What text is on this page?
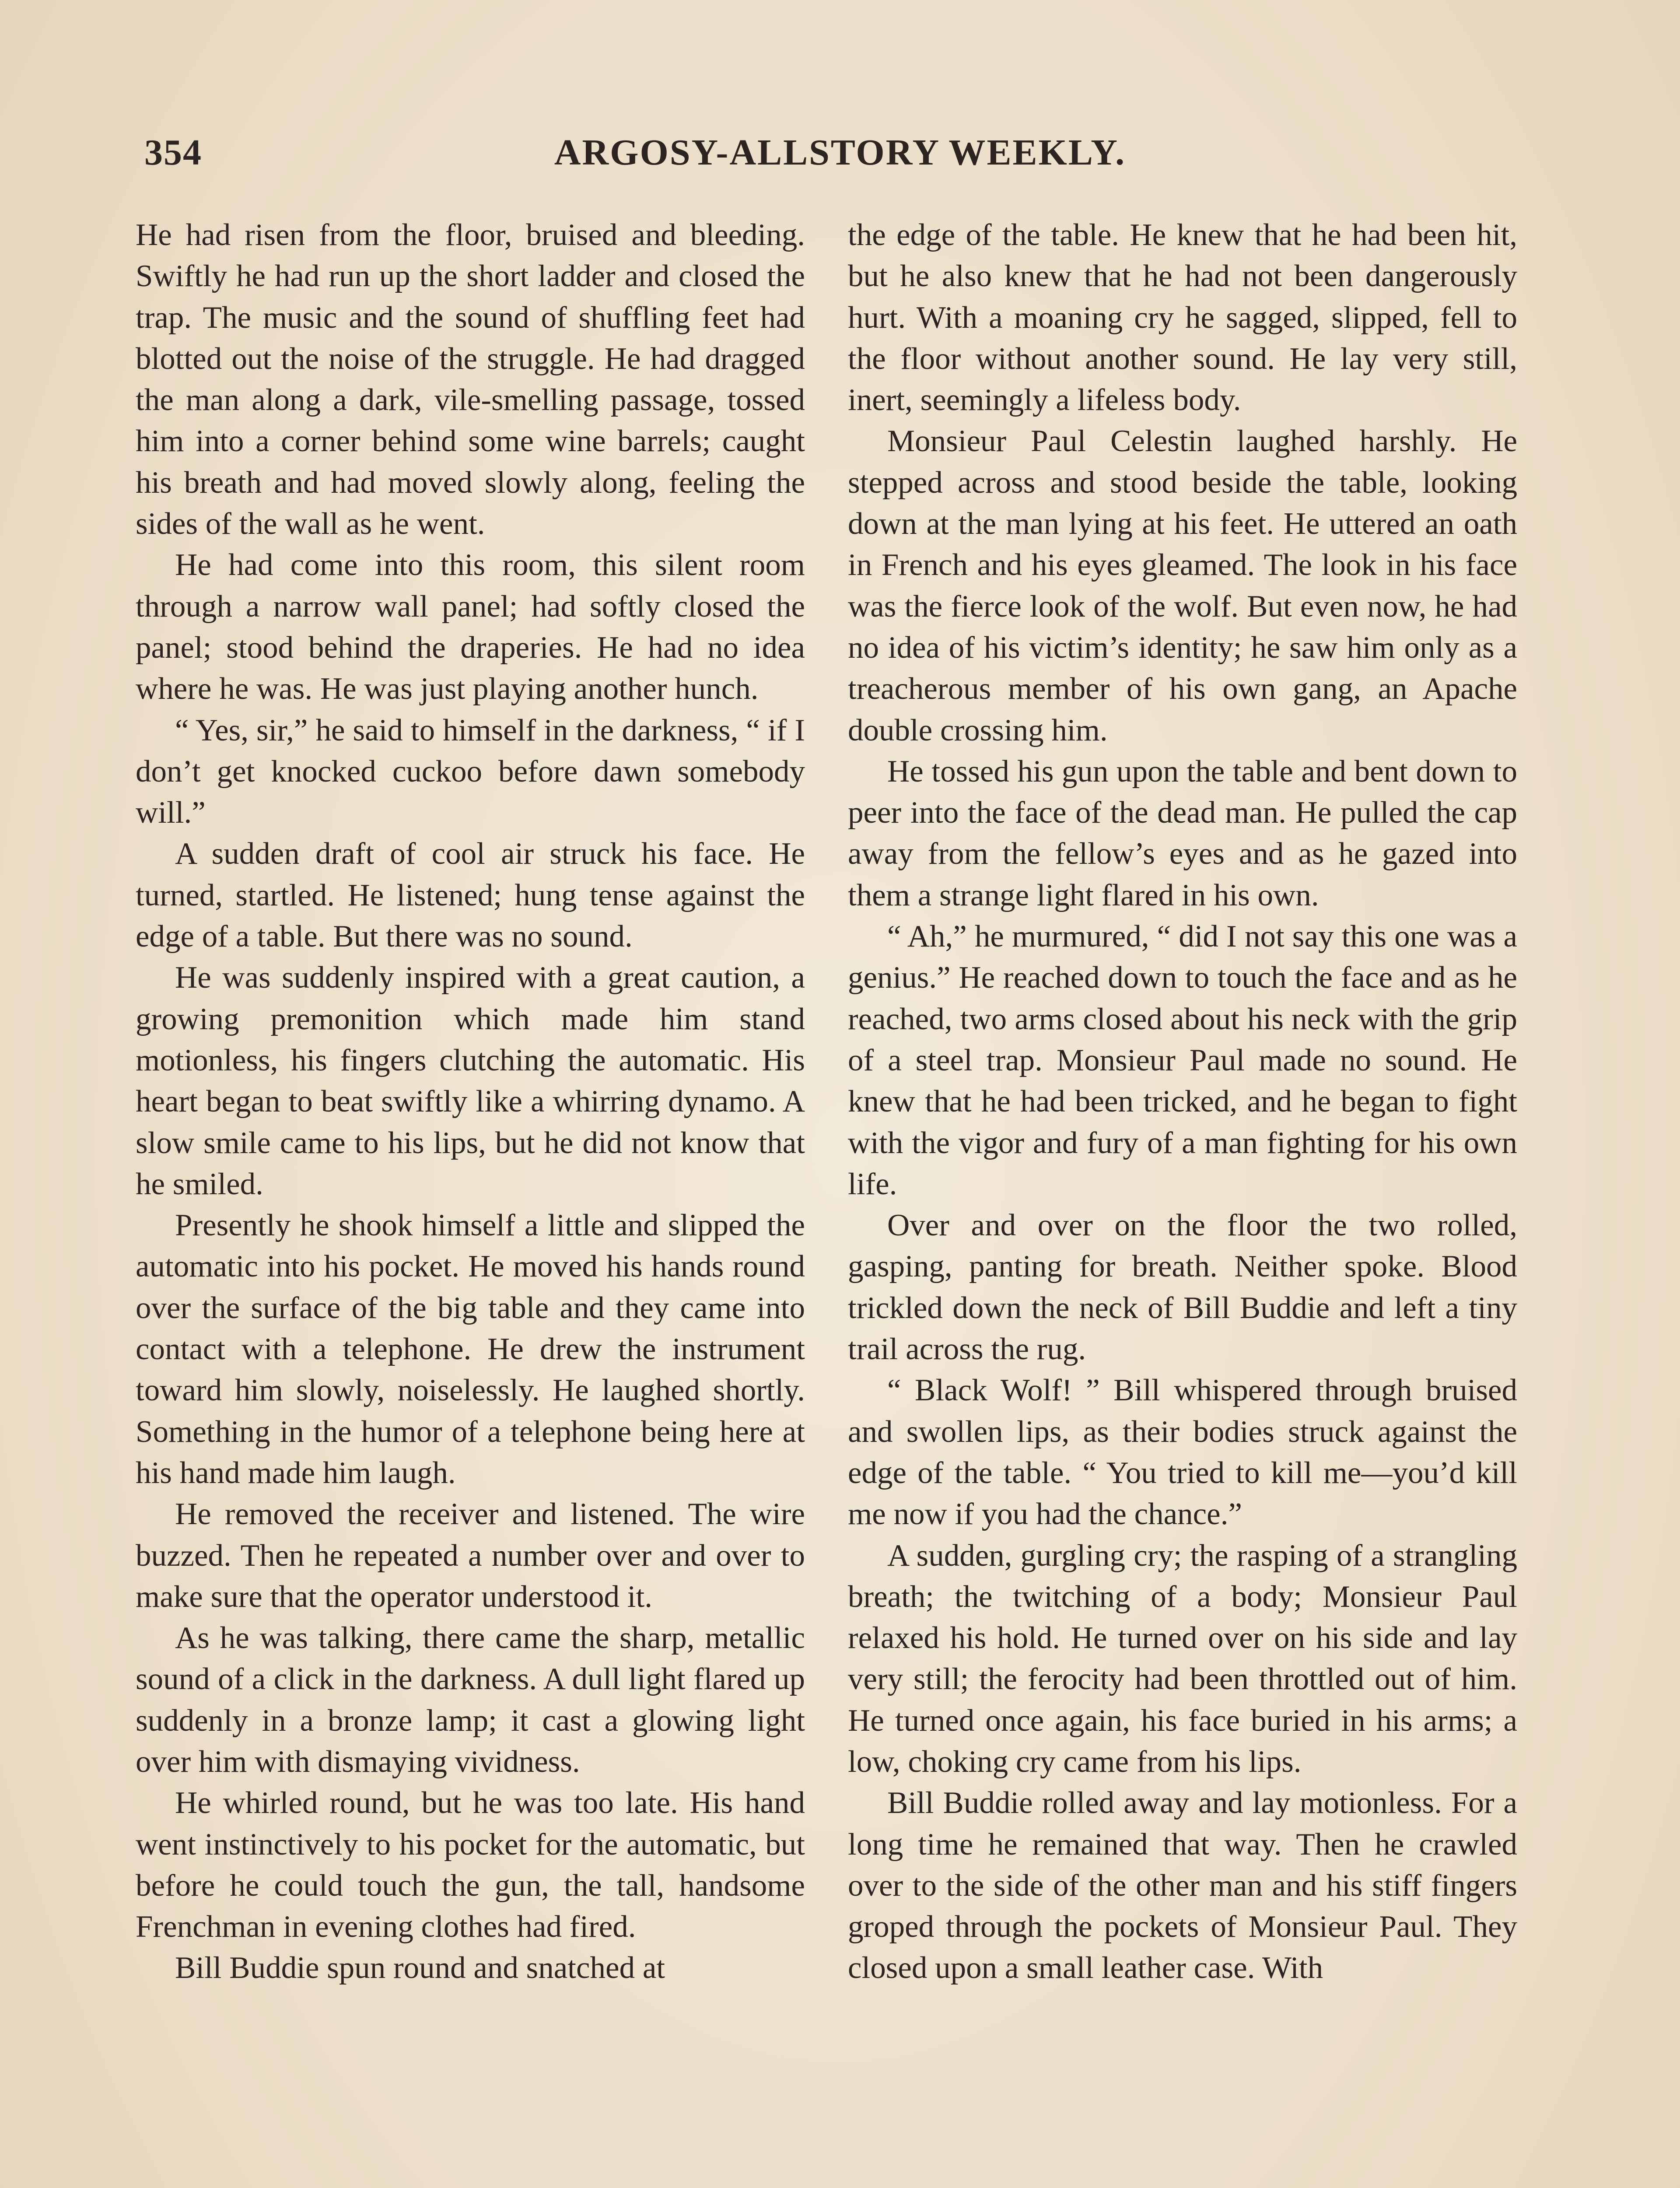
354	ARGOSY-ALLSTORY WEEKLY.

He had risen from the floor, bruised and bleeding. Swiftly he had run up the short ladder and closed the trap. The music and the sound of shuffling feet had blotted out the noise of the struggle. He had dragged the man along a dark, vile-smelling passage, tossed him into a corner behind some wine barrels; caught his breath and had moved slowly along, feeling the sides of the wall as he went.

He had come into this room, this silent room through a narrow wall panel; had softly closed the panel; stood behind the draperies. He had no idea where he was. He was just playing another hunch.

“ Yes, sir,” he said to himself in the darkness, “ if I don’t get knocked cuckoo before dawn somebody will.”

A sudden draft of cool air struck his face. He turned, startled. He listened; hung tense against the edge of a table. But there was no sound.

He was suddenly inspired with a great caution, a growing premonition which made him stand motionless, his fingers clutching the automatic. His heart began to beat swiftly like a whirring dynamo. A slow smile came to his lips, but he did not know that he smiled.

Presently he shook himself a little and slipped the automatic into his pocket. He moved his hands round over the surface of the big table and they came into contact with a telephone. He drew the instrument toward him slowly, noiselessly. He laughed shortly. Something in the humor of a telephone being here at his hand made him laugh.

He removed the receiver and listened. The wire buzzed. Then he repeated a number over and over to make sure that the operator understood it.

As he was talking, there came the sharp, metallic sound of a click in the darkness. A dull light flared up suddenly in a bronze lamp; it cast a glowing light over him with dismaying vividness.

He whirled round, but he was too late. His hand went instinctively to his pocket for the automatic, but before he could touch the gun, the tall, handsome Frenchman in evening clothes had fired.

Bill Buddie spun round and snatched at

the edge of the table. He knew that he had been hit, but he also knew that he had not been dangerously hurt. With a moaning cry he sagged, slipped, fell to the floor without another sound. He lay very still, inert, seemingly a lifeless body.

Monsieur Paul Celestin laughed harshly. He stepped across and stood beside the table, looking down at the man lying at his feet. He uttered an oath in French and his eyes gleamed. The look in his face was the fierce look of the wolf. But even now, he had no idea of his victim’s identity; he saw him only as a treacherous member of his own gang, an Apache double crossing him.

He tossed his gun upon the table and bent down to peer into the face of the dead man. He pulled the cap away from the fellow’s eyes and as he gazed into them a strange light flared in his own.

“ Ah,” he murmured, “ did I not say this one was a genius.” He reached down to touch the face and as he reached, two arms closed about his neck with the grip of a steel trap. Monsieur Paul made no sound. He knew that he had been tricked, and he began to fight with the vigor and fury of a man fighting for his own life.

Over and over on the floor the two rolled, gasping, panting for breath. Neither spoke. Blood trickled down the neck of Bill Buddie and left a tiny trail across the rug.

“ Black Wolf! ” Bill whispered through bruised and swollen lips, as their bodies struck against the edge of the table. “ You tried to kill me—you’d kill me now if you had the chance.”

A sudden, gurgling cry; the rasping of a strangling breath; the twitching of a body; Monsieur Paul relaxed his hold. He turned over on his side and lay very still; the ferocity had been throttled out of him. He turned once again, his face buried in his arms; a low, choking cry came from his lips.

Bill Buddie rolled away and lay motionless. For a long time he remained that way. Then he crawled over to the side of the other man and his stiff fingers groped through the pockets of Monsieur Paul. They closed upon a small leather case. With
